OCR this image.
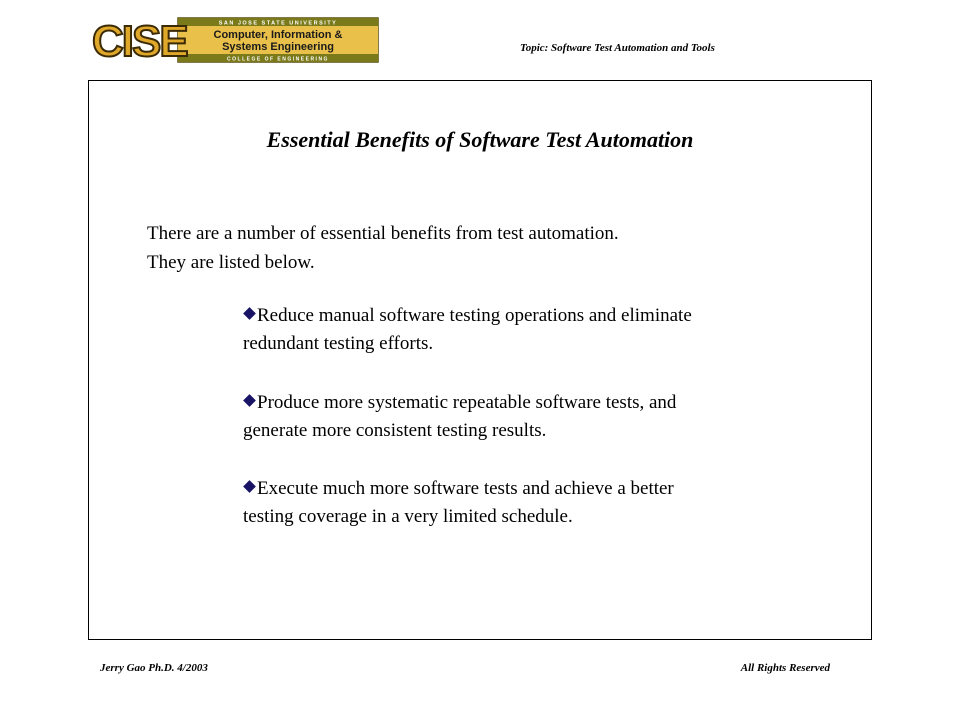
CISE	SAN JOSE STATE UNIVERSITY
Computer, Information &
Systems Engineering
COLLEGE OF ENGINEERING
Topic: Software Test Automation and Tools
Essential Benefits of Software Test Automation
There are a number of essential benefits from test automation.
They are listed below.
Reduce manual software testing operations and eliminate
redundant testing efforts.
Produce more systematic repeatable software tests, and
generate more consistent testing results.
Execute much more software tests and achieve a better
testing coverage in a very limited schedule.
Jerry Gao Ph.D. 4/2003	All Rights Reserved
